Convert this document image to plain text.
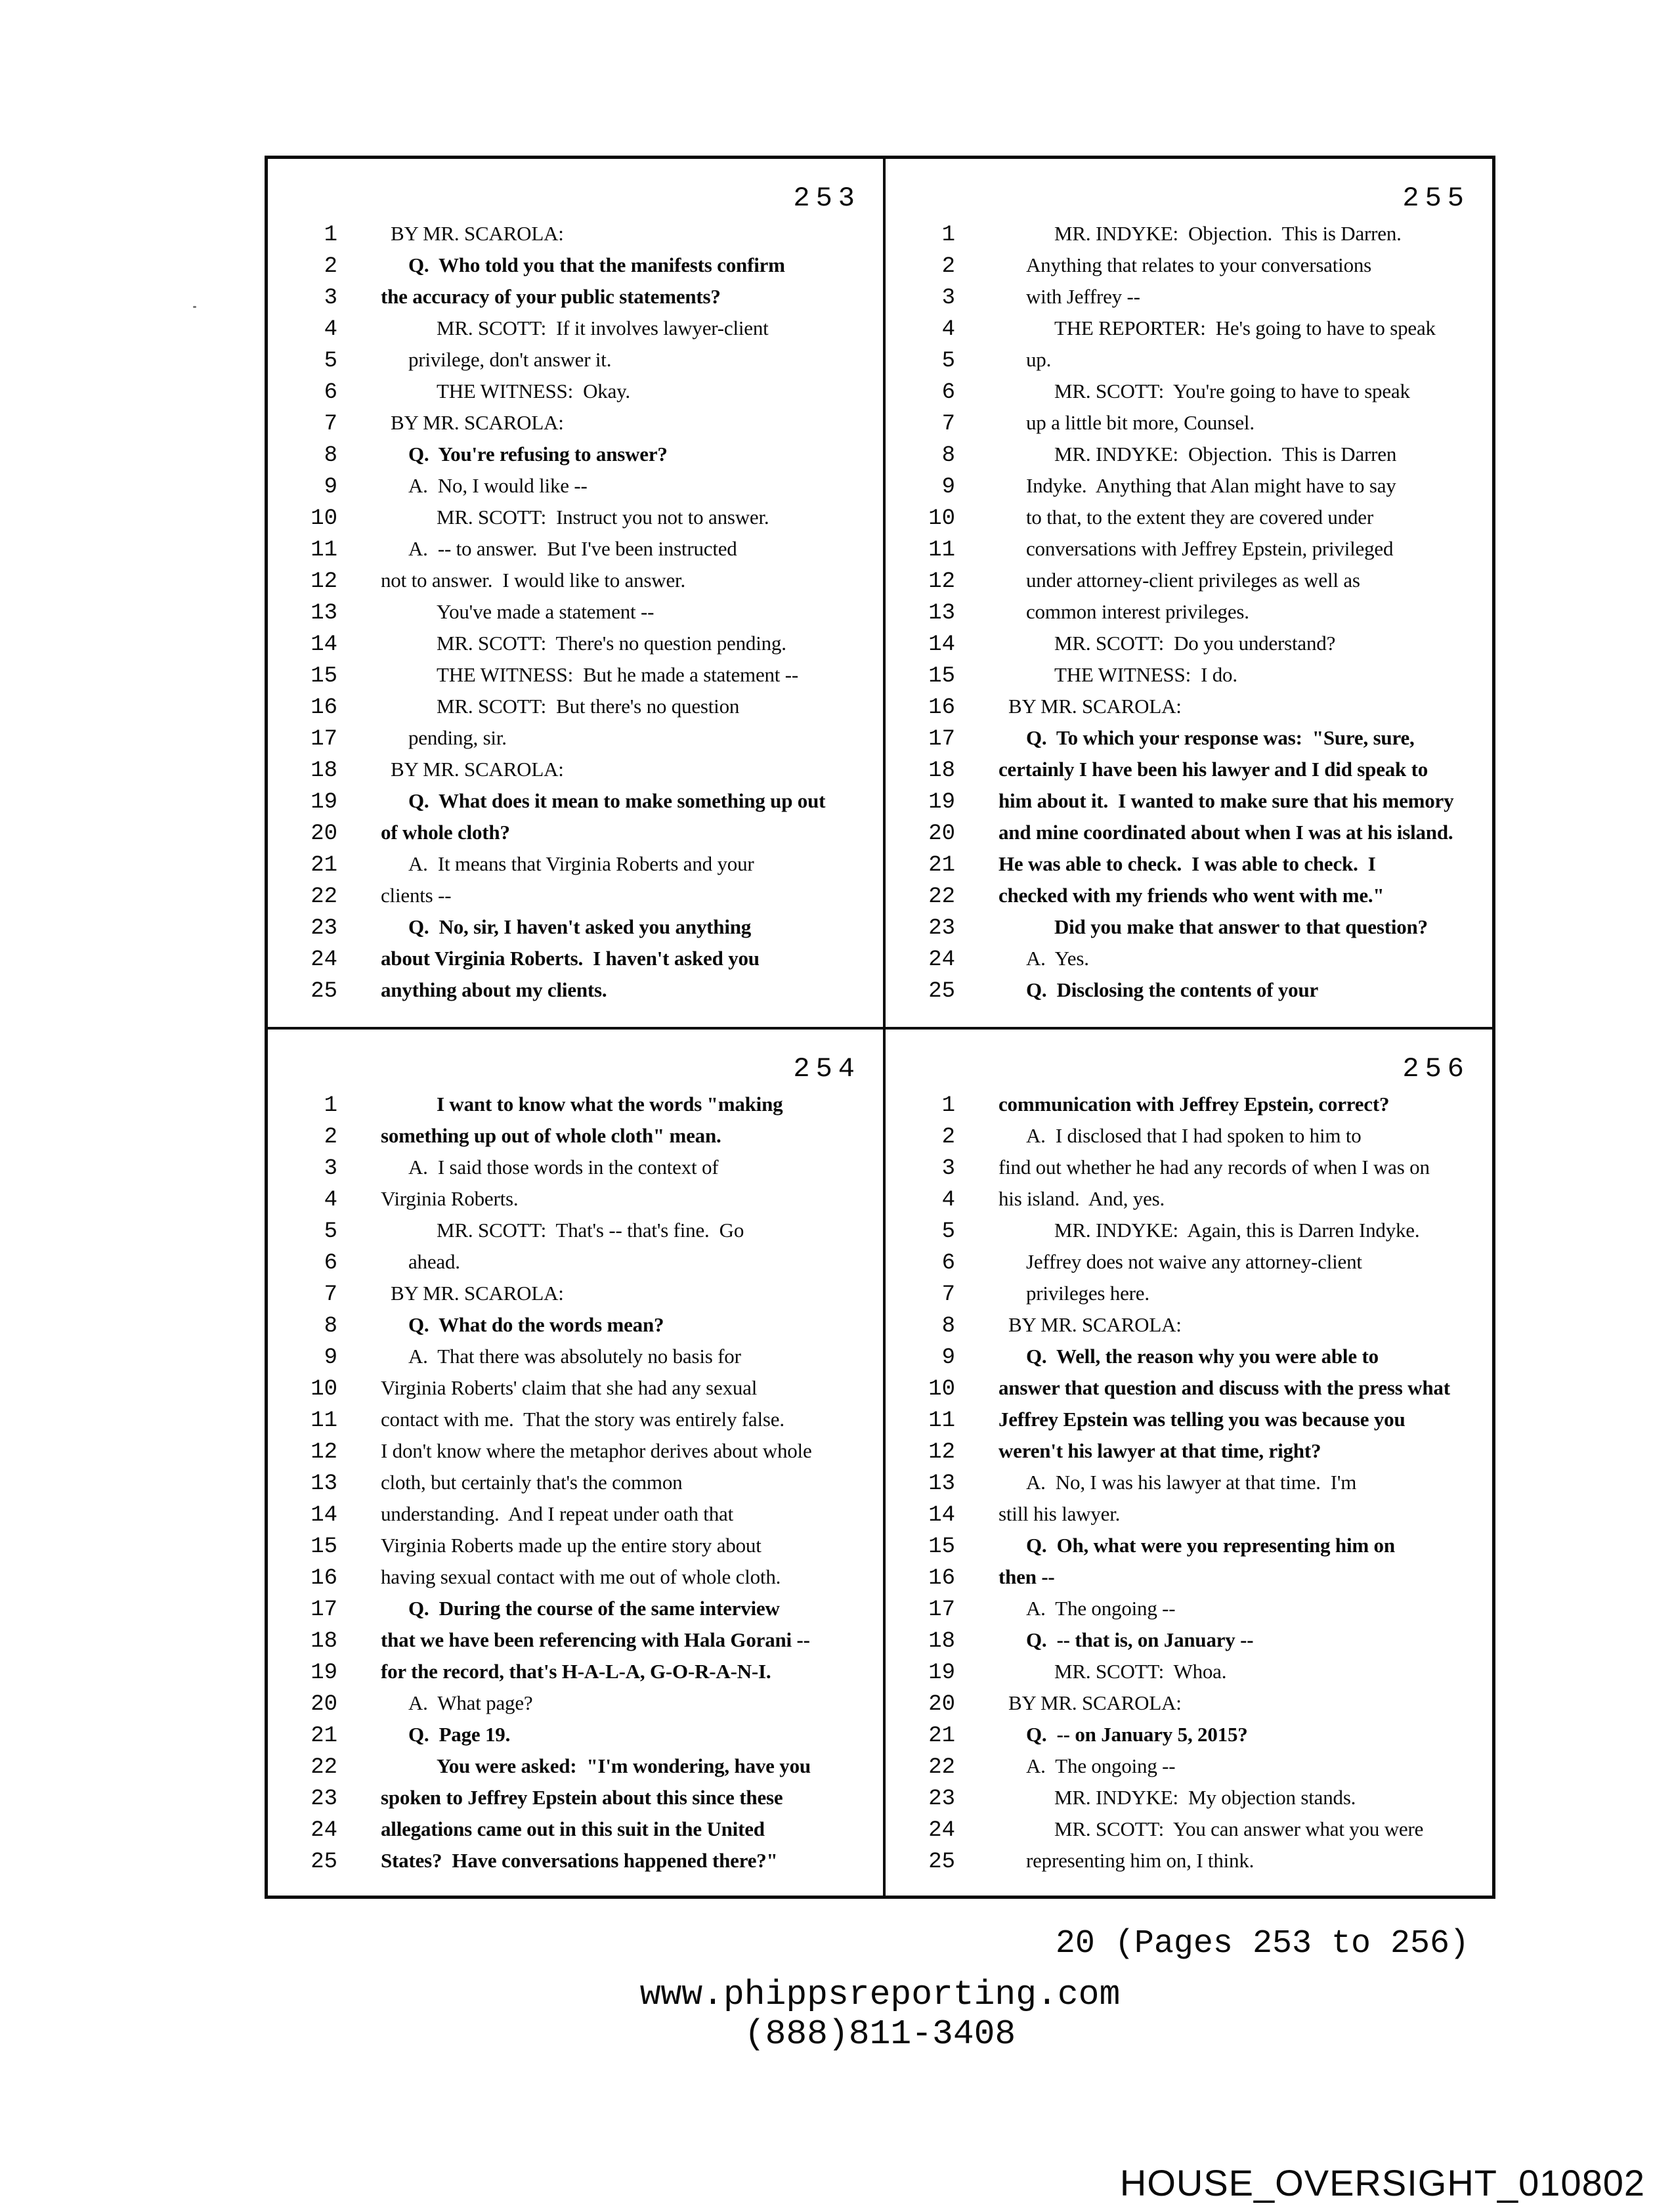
253
1	BY MR. SCAROLA:
2	Q.  Who told you that the manifests confirm
3 the accuracy of your public statements?
4	MR. SCOTT:  If it involves lawyer-client
5	privilege, don't answer it.
6	THE WITNESS:  Okay.
7	BY MR. SCAROLA:
8	Q.  You're refusing to answer?
9	A.  No, I would like --
10	MR. SCOTT:  Instruct you not to answer.
11	A.  -- to answer.  But I've been instructed
12 not to answer.  I would like to answer.
13	You've made a statement --
14	MR. SCOTT:  There's no question pending.
15	THE WITNESS:  But he made a statement --
16	MR. SCOTT:  But there's no question
17	pending, sir.
18	BY MR. SCAROLA:
19	Q.  What does it mean to make something up out
20 of whole cloth?
21	A.  It means that Virginia Roberts and your
22 clients --
23	Q.  No, sir, I haven't asked you anything
24 about Virginia Roberts.  I haven't asked you
25 anything about my clients.
255
1	MR. INDYKE:  Objection.  This is Darren.
2	Anything that relates to your conversations
3	with Jeffrey --
4	THE REPORTER:  He's going to have to speak
5	up.
6	MR. SCOTT:  You're going to have to speak
7	up a little bit more, Counsel.
8	MR. INDYKE:  Objection.  This is Darren
9	Indyke.  Anything that Alan might have to say
10	to that, to the extent they are covered under
11	conversations with Jeffrey Epstein, privileged
12	under attorney-client privileges as well as
13	common interest privileges.
14	MR. SCOTT:  Do you understand?
15	THE WITNESS:  I do.
16	BY MR. SCAROLA:
17	Q.  To which your response was:  "Sure, sure,
18 certainly I have been his lawyer and I did speak to
19 him about it.  I wanted to make sure that his memory
20 and mine coordinated about when I was at his island.
21 He was able to check.  I was able to check.  I
22 checked with my friends who went with me."
23	Did you make that answer to that question?
24	A.  Yes.
25	Q.  Disclosing the contents of your
254
1	I want to know what the words "making
2 something up out of whole cloth" mean.
3	A.  I said those words in the context of
4 Virginia Roberts.
5	MR. SCOTT:  That's -- that's fine.  Go
6	ahead.
7	BY MR. SCAROLA:
8	Q.  What do the words mean?
9	A.  That there was absolutely no basis for
10 Virginia Roberts' claim that she had any sexual
11 contact with me.  That the story was entirely false.
12 I don't know where the metaphor derives about whole
13 cloth, but certainly that's the common
14 understanding.  And I repeat under oath that
15 Virginia Roberts made up the entire story about
16 having sexual contact with me out of whole cloth.
17	Q.  During the course of the same interview
18 that we have been referencing with Hala Gorani --
19 for the record, that's H-A-L-A, G-O-R-A-N-I.
20	A.  What page?
21	Q.  Page 19.
22	You were asked:  "I'm wondering, have you
23 spoken to Jeffrey Epstein about this since these
24 allegations came out in this suit in the United
25 States?  Have conversations happened there?"
256
1 communication with Jeffrey Epstein, correct?
2	A.  I disclosed that I had spoken to him to
3 find out whether he had any records of when I was on
4 his island.  And, yes.
5	MR. INDYKE:  Again, this is Darren Indyke.
6	Jeffrey does not waive any attorney-client
7	privileges here.
8	BY MR. SCAROLA:
9	Q.  Well, the reason why you were able to
10 answer that question and discuss with the press what
11 Jeffrey Epstein was telling you was because you
12 weren't his lawyer at that time, right?
13	A.  No, I was his lawyer at that time.  I'm
14 still his lawyer.
15	Q.  Oh, what were you representing him on
16 then --
17	A.  The ongoing --
18	Q.  -- that is, on January --
19	MR. SCOTT:  Whoa.
20	BY MR. SCAROLA:
21	Q.  -- on January 5, 2015?
22	A.  The ongoing --
23	MR. INDYKE:  My objection stands.
24	MR. SCOTT:  You can answer what you were
25	representing him on, I think.
20 (Pages 253 to 256)
www.phippsreporting.com
(888)811-3408
HOUSE_OVERSIGHT_010802
